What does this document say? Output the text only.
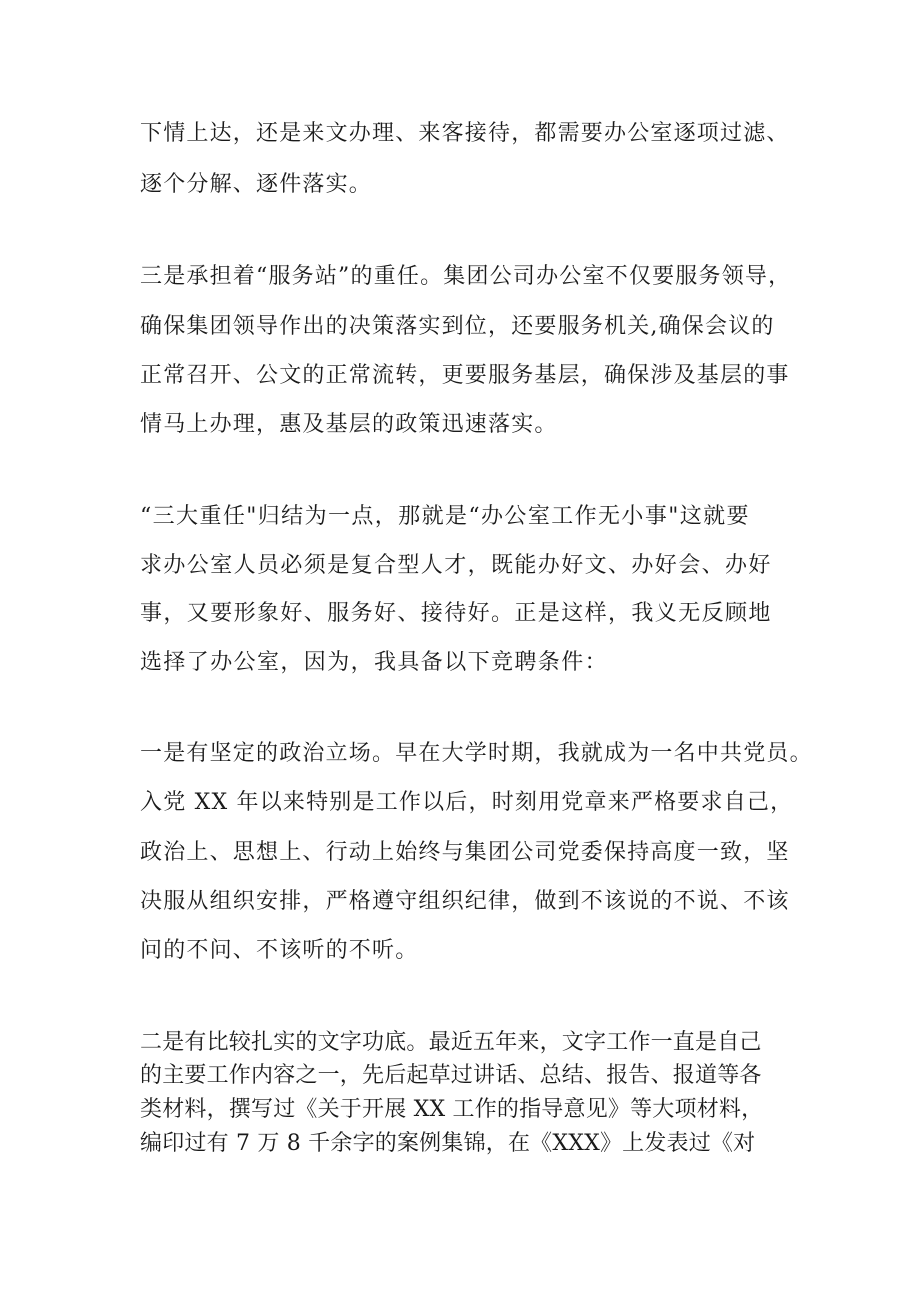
下情上达，还是来文办理、来客接待，都需要办公室逐项过滤、
逐个分解、逐件落实。
三是承担着“服务站”的重任。集团公司办公室不仅要服务领导，
确保集团领导作出的决策落实到位，还要服务机关,确保会议的
正常召开、公文的正常流转，更要服务基层，确保涉及基层的事
情马上办理，惠及基层的政策迅速落实。
“三大重任"归结为一点，那就是“办公室工作无小事"这就要
求办公室人员必须是复合型人才，既能办好文、办好会、办好
事，又要形象好、服务好、接待好。正是这样，我义无反顾地
选择了办公室，因为，我具备以下竞聘条件：
一是有坚定的政治立场。早在大学时期，我就成为一名中共党员。
入党 XX 年以来特别是工作以后，时刻用党章来严格要求自己，
政治上、思想上、行动上始终与集团公司党委保持高度一致，坚
决服从组织安排，严格遵守组织纪律，做到不该说的不说、不该
问的不问、不该听的不听。
二是有比较扎实的文字功底。最近五年来，文字工作一直是自己
的主要工作内容之一，先后起草过讲话、总结、报告、报道等各
类材料，撰写过《关于开展 XX 工作的指导意见》等大项材料，
编印过有 7 万 8 千余字的案例集锦，在《XXX》上发表过《对
